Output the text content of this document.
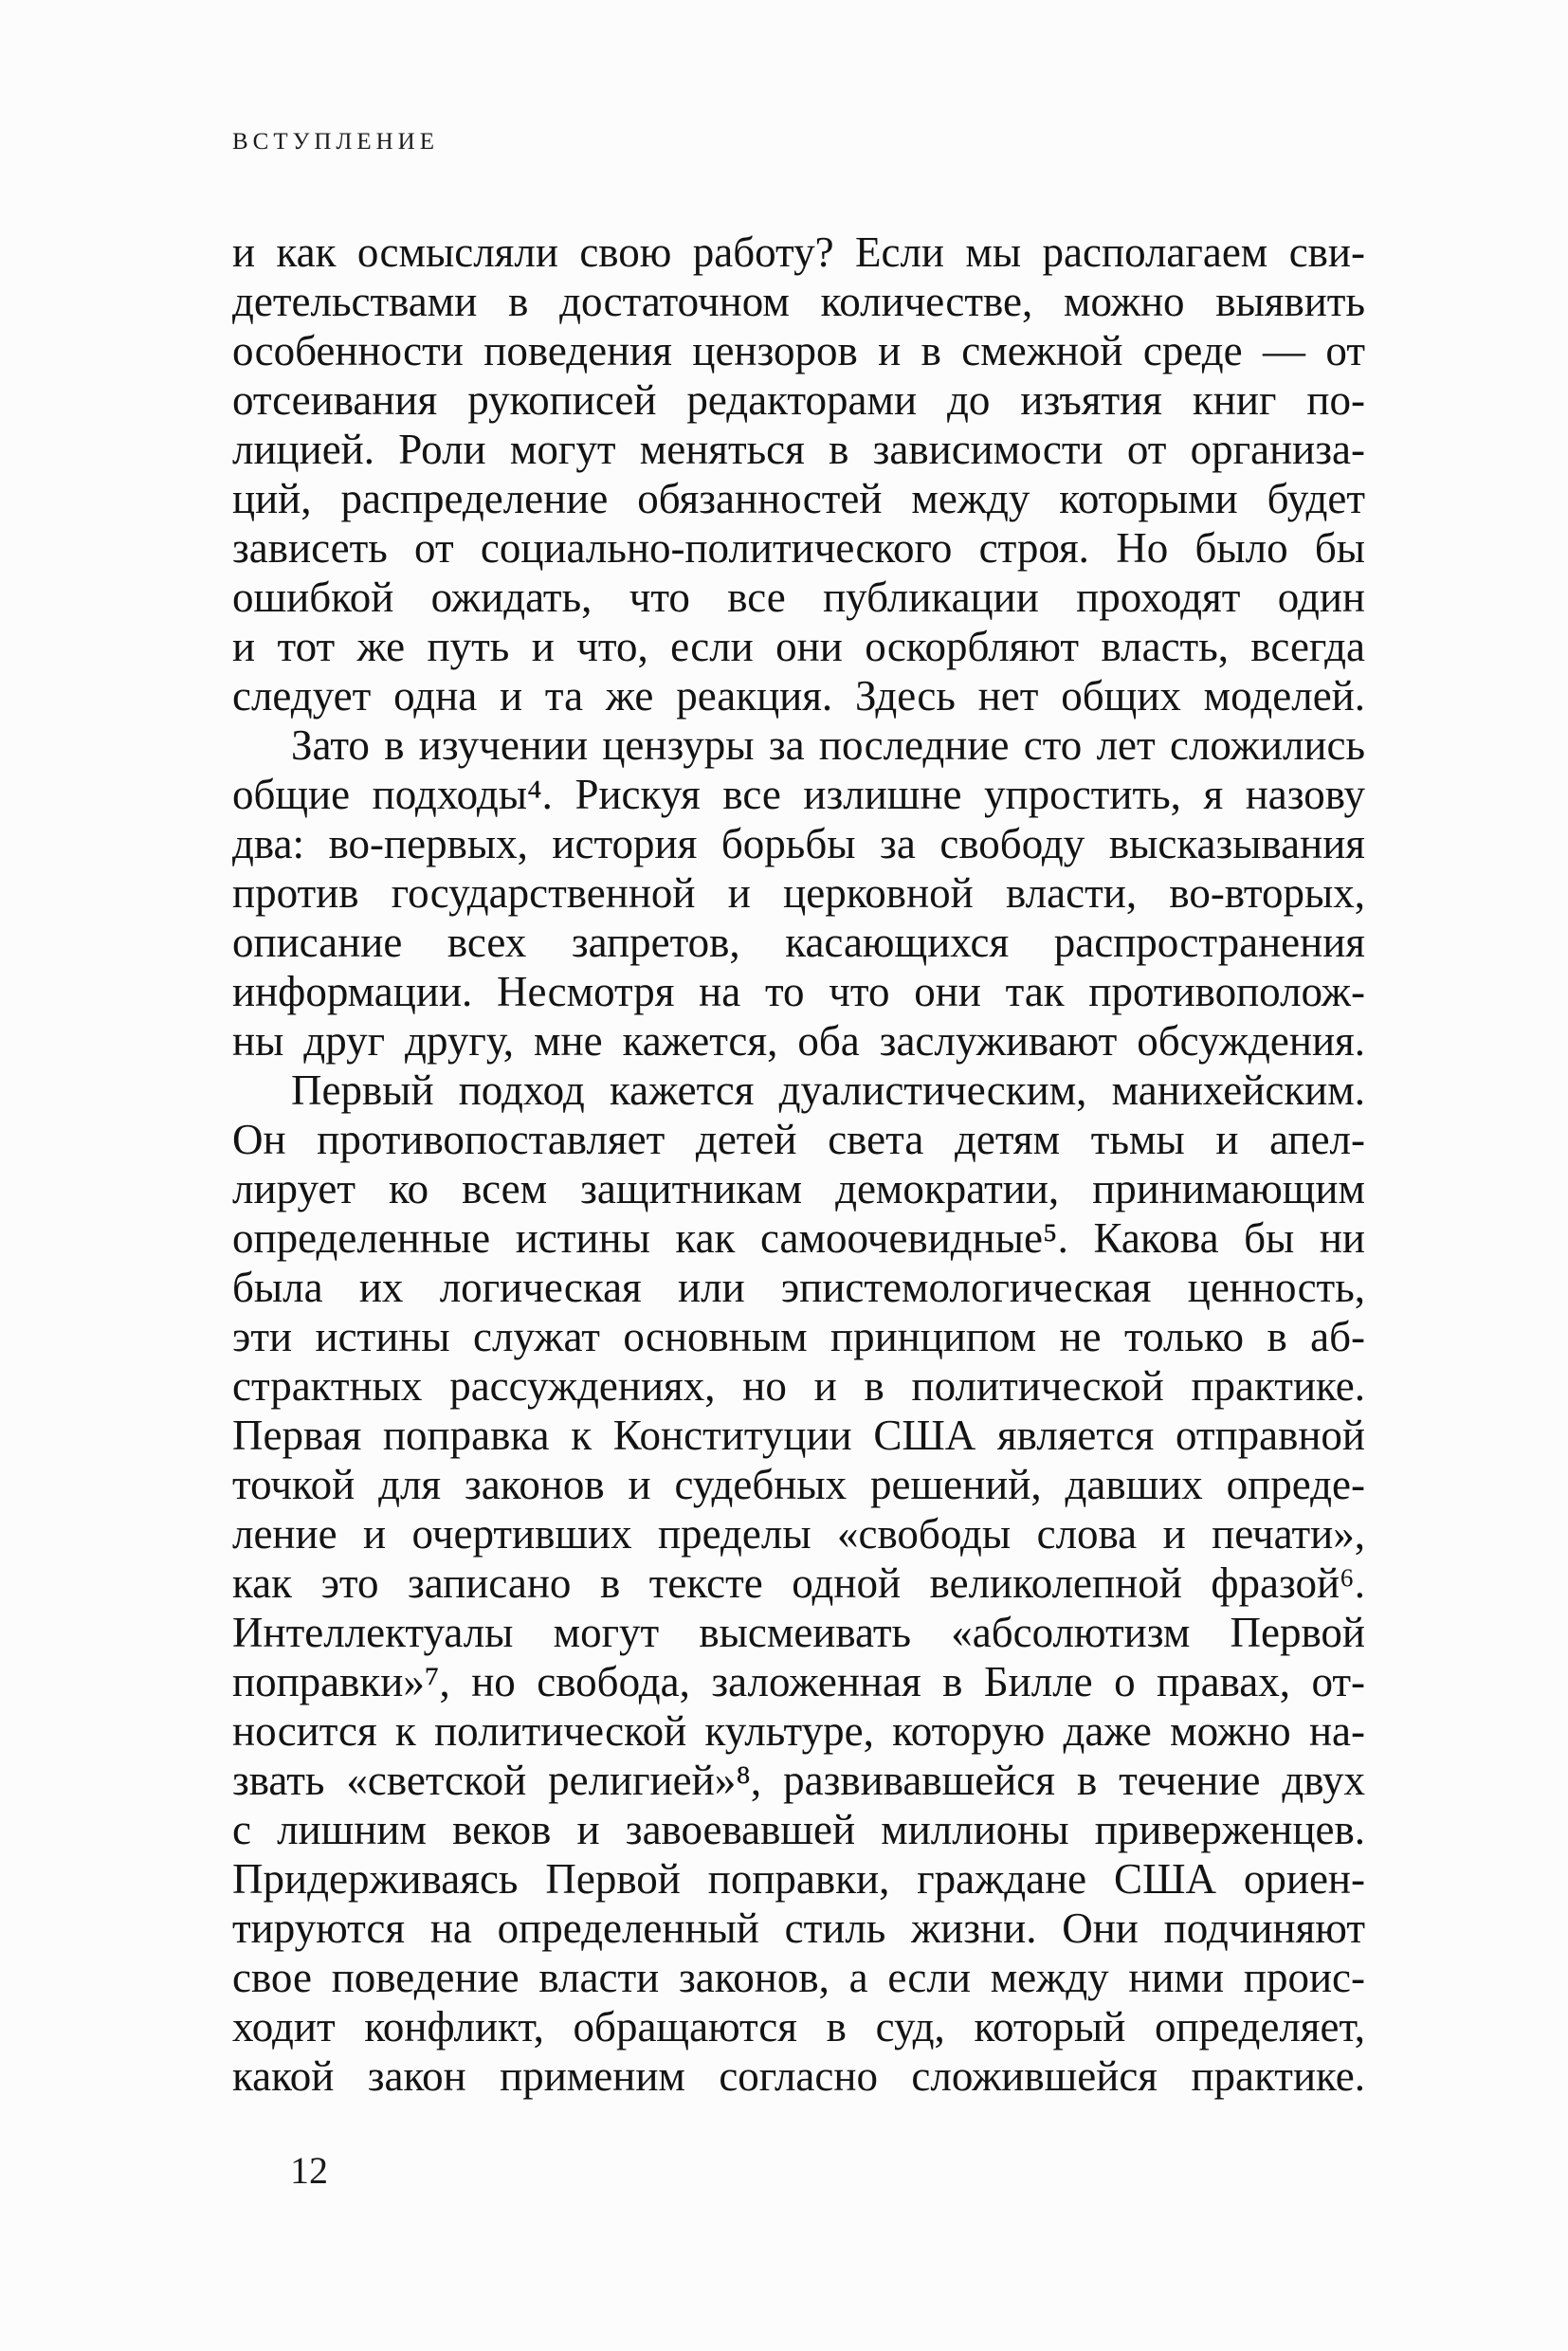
ВСТУПЛЕНИЕ
и как осмысляли свою работу? Если мы располагаем сви-
детельствами в достаточном количестве, можно выявить
особенности поведения цензоров и в смежной среде — от
отсеивания рукописей редакторами до изъятия книг по-
лицией. Роли могут меняться в зависимости от организа-
ций, распределение обязанностей между которыми будет
зависеть от социально-политического строя. Но было бы
ошибкой ожидать, что все публикации проходят один
и тот же путь и что, если они оскорбляют власть, всегда
следует одна и та же реакция. Здесь нет общих моделей.
Зато в изучении цензуры за последние сто лет сложились
общие подходы⁴. Рискуя все излишне упростить, я назову
два: во-первых, история борьбы за свободу высказывания
против государственной и церковной власти, во-вторых,
описание всех запретов, касающихся распространения
информации. Несмотря на то что они так противополож-
ны друг другу, мне кажется, оба заслуживают обсуждения.
Первый подход кажется дуалистическим, манихейским.
Он противопоставляет детей света детям тьмы и апел-
лирует ко всем защитникам демократии, принимающим
определенные истины как самоочевидные⁵. Какова бы ни
была их логическая или эпистемологическая ценность,
эти истины служат основным принципом не только в аб-
страктных рассуждениях, но и в политической практике.
Первая поправка к Конституции США является отправной
точкой для законов и судебных решений, давших опреде-
ление и очертивших пределы «свободы слова и печати»,
как это записано в тексте одной великолепной фразой⁶.
Интеллектуалы могут высмеивать «абсолютизм Первой
поправки»⁷, но свобода, заложенная в Билле о правах, от-
носится к политической культуре, которую даже можно на-
звать «светской религией»⁸, развивавшейся в течение двух
с лишним веков и завоевавшей миллионы приверженцев.
Придерживаясь Первой поправки, граждане США ориен-
тируются на определенный стиль жизни. Они подчиняют
свое поведение власти законов, а если между ними проис-
ходит конфликт, обращаются в суд, который определяет,
какой закон применим согласно сложившейся практике.
12
